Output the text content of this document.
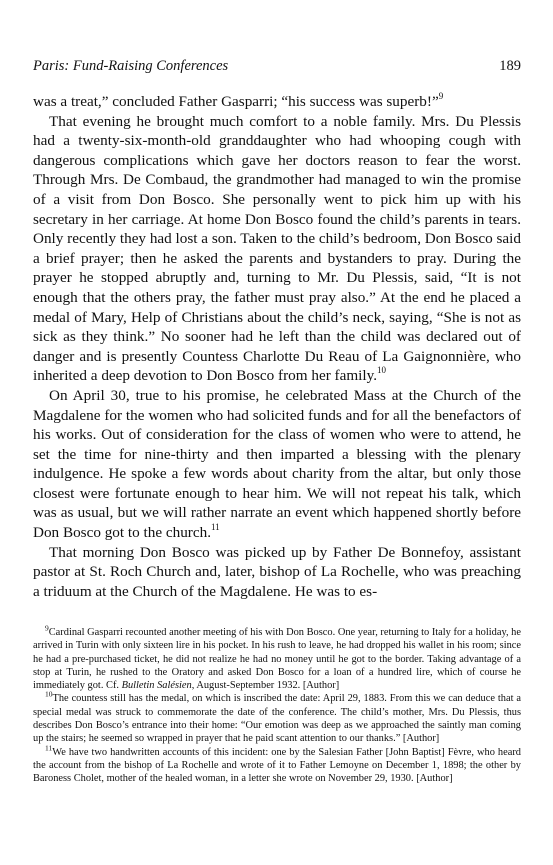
Paris: Fund-Raising Conferences	189

was a treat,” concluded Father Gasparri; “his success was superb!”$^9$

That evening he brought much comfort to a noble family. Mrs. Du Plessis had a twenty-six-month-old granddaughter who had whooping cough with dangerous complications which gave her doctors reason to fear the worst. Through Mrs. De Combaud, the grandmother had managed to win the promise of a visit from Don Bosco. She personally went to pick him up with his secretary in her carriage. At home Don Bosco found the child’s parents in tears. Only recently they had lost a son. Taken to the child’s bedroom, Don Bosco said a brief prayer; then he asked the parents and bystanders to pray. During the prayer he stopped abruptly and, turning to Mr. Du Plessis, said, “It is not enough that the others pray, the father must pray also.” At the end he placed a medal of Mary, Help of Christians about the child’s neck, saying, “She is not as sick as they think.” No sooner had he left than the child was declared out of danger and is presently Countess Charlotte Du Reau of La Gaignonnière, who inherited a deep devotion to Don Bosco from her family.$^{10}$

On April 30, true to his promise, he celebrated Mass at the Church of the Magdalene for the women who had solicited funds and for all the benefactors of his works. Out of consideration for the class of women who were to attend, he set the time for nine-thirty and then imparted a blessing with the plenary indulgence. He spoke a few words about charity from the altar, but only those closest were fortunate enough to hear him. We will not repeat his talk, which was as usual, but we will rather narrate an event which happened shortly before Don Bosco got to the church.$^{11}$

That morning Don Bosco was picked up by Father De Bonnefoy, assistant pastor at St. Roch Church and, later, bishop of La Rochelle, who was preaching a triduum at the Church of the Magdalene. He was to es-

$^9$Cardinal Gasparri recounted another meeting of his with Don Bosco. One year, returning to Italy for a holiday, he arrived in Turin with only sixteen lire in his pocket. In his rush to leave, he had dropped his wallet in his room; since he had a pre-purchased ticket, he did not realize he had no money until he got to the border. Taking advantage of a stop at Turin, he rushed to the Oratory and asked Don Bosco for a loan of a hundred lire, which of course he immediately got. Cf. Bulletin Salésien, August-September 1932. [Author]

$^{10}$The countess still has the medal, on which is inscribed the date: April 29, 1883. From this we can deduce that a special medal was struck to commemorate the date of the conference. The child’s mother, Mrs. Du Plessis, thus describes Don Bosco’s entrance into their home: “Our emotion was deep as we approached the saintly man coming up the stairs; he seemed so wrapped in prayer that he paid scant attention to our thanks.” [Author]

$^{11}$We have two handwritten accounts of this incident: one by the Salesian Father [John Baptist] Fèvre, who heard the account from the bishop of La Rochelle and wrote of it to Father Lemoyne on December 1, 1898; the other by Baroness Cholet, mother of the healed woman, in a letter she wrote on November 29, 1930. [Author]
